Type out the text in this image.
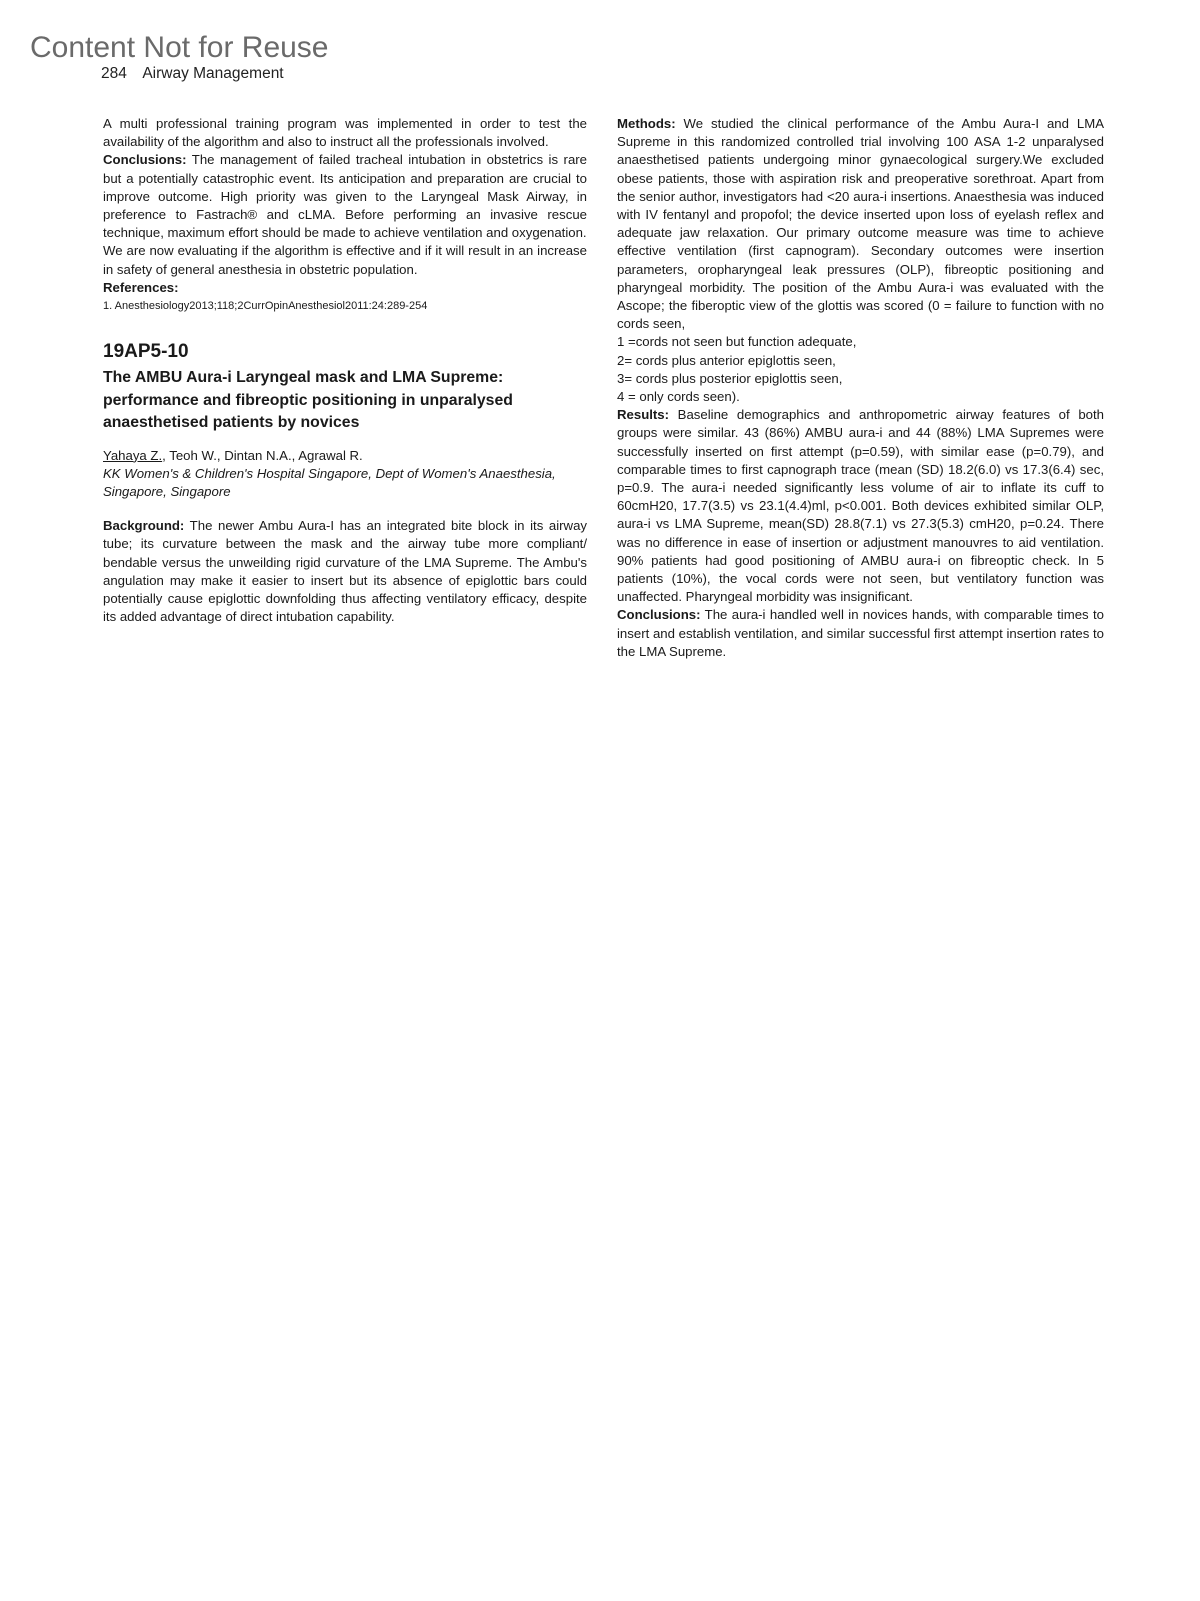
Content Not for Reuse
284 Airway Management

A multi professional training program was implemented in order to test the availability of the algorithm and also to instruct all the professionals involved.

Conclusions: The management of failed tracheal intubation in obstetrics is rare but a potentially catastrophic event. Its anticipation and preparation are crucial to improve outcome. High priority was given to the Laryngeal Mask Airway, in preference to Fastrach® and cLMA. Before performing an invasive rescue technique, maximum effort should be made to achieve ventilation and oxygenation.

We are now evaluating if the algorithm is effective and if it will result in an increase in safety of general anesthesia in obstetric population.

References:

1. Anesthesiology2013;118;2CurrOpinAnesthesiol2011:24:289-254

19AP5-10
The AMBU Aura-i Laryngeal mask and LMA Supreme: performance and fibreoptic positioning in unparalysed anaesthetised patients by novices

Yahaya Z., Teoh W., Dintan N.A., Agrawal R.

KK Women's & Children's Hospital Singapore, Dept of Women's Anaesthesia, Singapore, Singapore

Background: The newer Ambu Aura-I has an integrated bite block in its airway tube; its curvature between the mask and the airway tube more compliant/ bendable versus the unweilding rigid curvature of the LMA Supreme. The Ambu's angulation may make it easier to insert but its absence of epiglottic bars could potentially cause epiglottic downfolding thus affecting ventilatory efficacy, despite its added advantage of direct intubation capability.

Methods: We studied the clinical performance of the Ambu Aura-I and LMA Supreme in this randomized controlled trial involving 100 ASA 1-2 unparalysed anaesthetised patients undergoing minor gynaecological surgery.We excluded obese patients, those with aspiration risk and preoperative sorethroat. Apart from the senior author, investigators had <20 aura-i insertions. Anaesthesia was induced with IV fentanyl and propofol; the device inserted upon loss of eyelash reflex and adequate jaw relaxation. Our primary outcome measure was time to achieve effective ventilation (first capnogram). Secondary outcomes were insertion parameters, oropharyngeal leak pressures (OLP), fibreoptic positioning and pharyngeal morbidity. The position of the Ambu Aura-i was evaluated with the Ascope; the fiberoptic view of the glottis was scored (0 = failure to function with no cords seen,

1 =cords not seen but function adequate,

2= cords plus anterior epiglottis seen,

3= cords plus posterior epiglottis seen,

4 = only cords seen).

Results: Baseline demographics and anthropometric airway features of both groups were similar. 43 (86%) AMBU aura-i and 44 (88%) LMA Supremes were successfully inserted on first attempt (p=0.59), with similar ease (p=0.79), and comparable times to first capnograph trace (mean (SD) 18.2(6.0) vs 17.3(6.4) sec, p=0.9. The aura-i needed significantly less volume of air to inflate its cuff to 60cmH20, 17.7(3.5) vs 23.1(4.4)ml, p<0.001. Both devices exhibited similar OLP, aura-i vs LMA Supreme, mean(SD) 28.8(7.1) vs 27.3(5.3) cmH20, p=0.24. There was no difference in ease of insertion or adjustment manouvres to aid ventilation. 90% patients had good positioning of AMBU aura-i on fibreoptic check. In 5 patients (10%), the vocal cords were not seen, but ventilatory function was unaffected. Pharyngeal morbidity was insignificant.

Conclusions: The aura-i handled well in novices hands, with comparable times to insert and establish ventilation, and similar successful first attempt insertion rates to the LMA Supreme.
